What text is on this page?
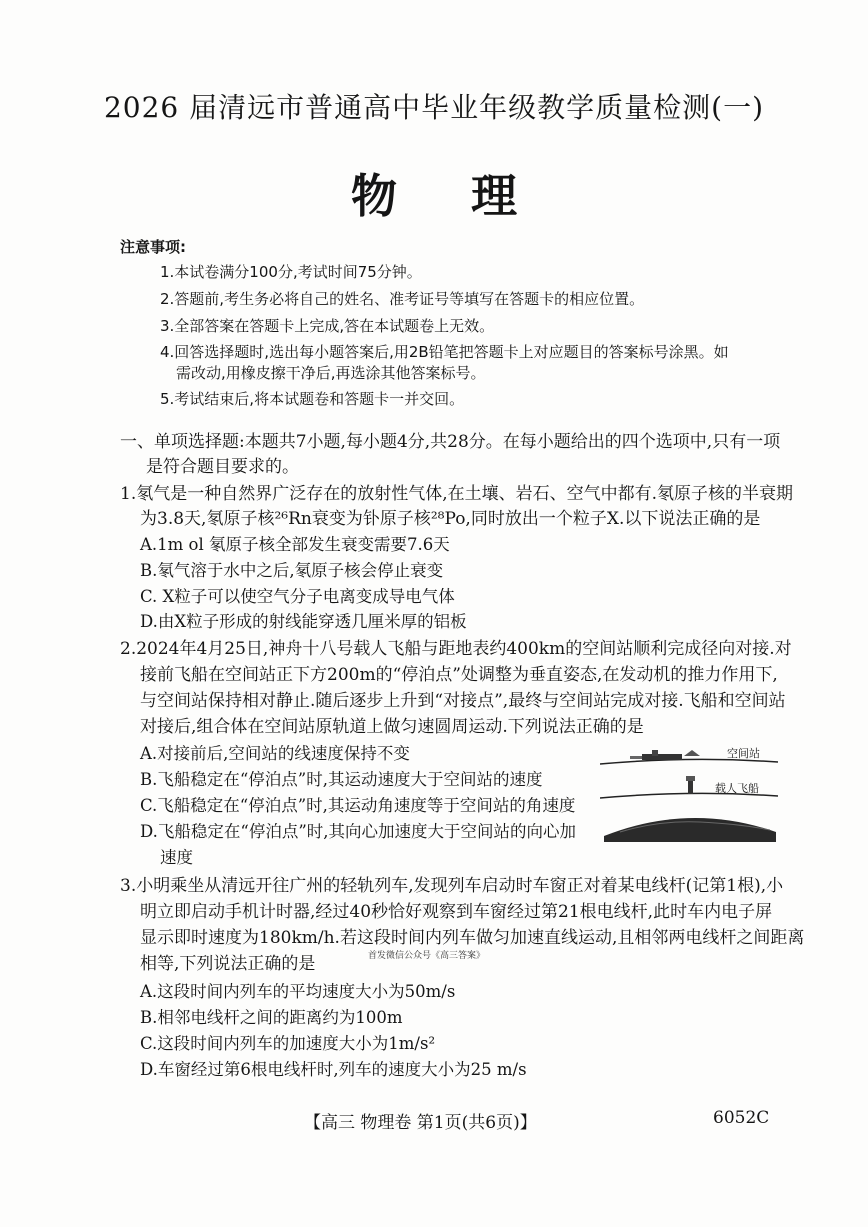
2026 届清远市普通高中毕业年级教学质量检测(一)
物理
注意事项:
1.本试卷满分100分,考试时间75分钟。
2.答题前,考生务必将自己的姓名、准考证号等填写在答题卡的相应位置。
3.全部答案在答题卡上完成,答在本试题卷上无效。
4.回答选择题时,选出每小题答案后,用2B铅笔把答题卡上对应题目的答案标号涂黑。如
需改动,用橡皮擦干净后,再选涂其他答案标号。
5.考试结束后,将本试题卷和答题卡一并交回。
一、单项选择题:本题共7小题,每小题4分,共28分。在每小题给出的四个选项中,只有一项
是符合题目要求的。
1.氡气是一种自然界广泛存在的放射性气体,在土壤、岩石、空气中都有.氡原子核的半衰期
为3.8天,氡原子核²⁶Rn衰变为钋原子核²⁸Po,同时放出一个粒子X.以下说法正确的是
A.1m ol 氡原子核全部发生衰变需要7.6天
B.氡气溶于水中之后,氡原子核会停止衰变
C. X粒子可以使空气分子电离变成导电气体
D.由X粒子形成的射线能穿透几厘米厚的铝板
2.2024年4月25日,神舟十八号载人飞船与距地表约400km的空间站顺利完成径向对接.对
接前飞船在空间站正下方200m的“停泊点”处调整为垂直姿态,在发动机的推力作用下,
与空间站保持相对静止.随后逐步上升到“对接点”,最终与空间站完成对接.飞船和空间站
对接后,组合体在空间站原轨道上做匀速圆周运动.下列说法正确的是
A.对接前后,空间站的线速度保持不变
B.飞船稳定在“停泊点”时,其运动速度大于空间站的速度
C.飞船稳定在“停泊点”时,其运动角速度等于空间站的角速度
D.飞船稳定在“停泊点”时,其向心加速度大于空间站的向心加
速度
空间站
载人飞船
3.小明乘坐从清远开往广州的轻轨列车,发现列车启动时车窗正对着某电线杆(记第1根),小
明立即启动手机计时器,经过40秒恰好观察到车窗经过第21根电线杆,此时车内电子屏
显示即时速度为180km/h.若这段时间内列车做匀加速直线运动,且相邻两电线杆之间距离
相等,下列说法正确的是	首发微信公众号《高三答案》
A.这段时间内列车的平均速度大小为50m/s
B.相邻电线杆之间的距离约为100m
C.这段时间内列车的加速度大小为1m/s²
D.车窗经过第6根电线杆时,列车的速度大小为25 m/s
【高三 物理卷 第1页(共6页)】	6052C
